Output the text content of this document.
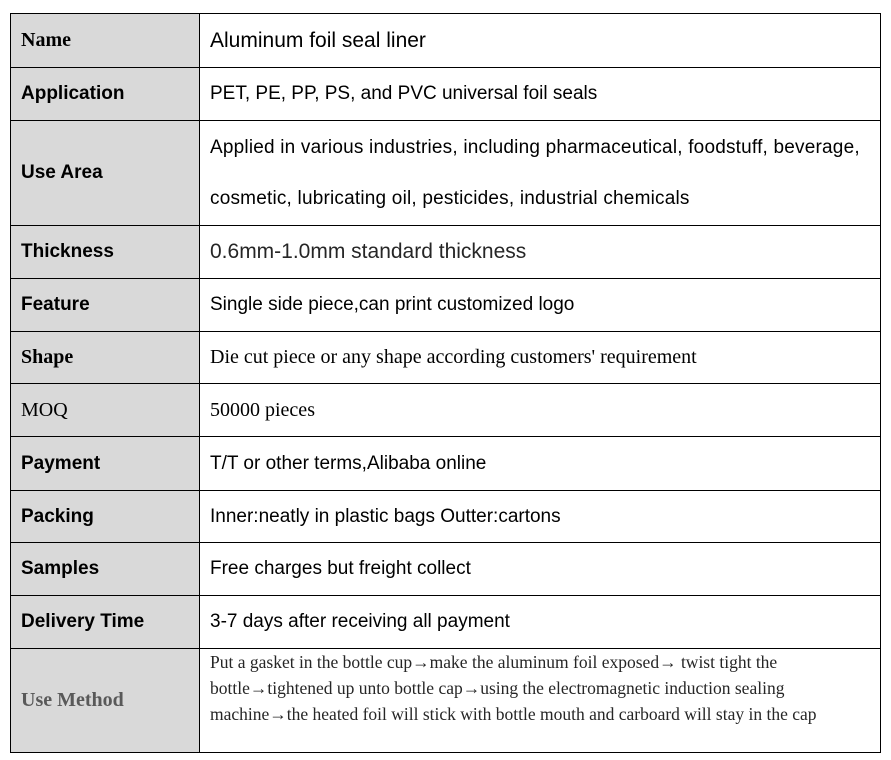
Name	Aluminum foil seal liner
Application	PET, PE, PP, PS, and PVC universal foil seals
Use Area	Applied in various industries, including pharmaceutical, foodstuff, beverage, cosmetic, lubricating oil, pesticides, industrial chemicals
Thickness	0.6mm-1.0mm standard thickness
Feature	Single side piece,can print customized logo
Shape	Die cut piece or any shape according customers' requirement
MOQ	50000 pieces
Payment	T/T or other terms,Alibaba online
Packing	Inner:neatly in plastic bags Outter:cartons
Samples	Free charges but freight collect
Delivery Time	3-7 days after receiving all payment
Use Method	Put a gasket in the bottle cup→make the aluminum foil exposed→ twist tight the bottle→tightened up unto bottle cap→using the electromagnetic induction sealing machine→the heated foil will stick with bottle mouth and carboard will stay in the cap
